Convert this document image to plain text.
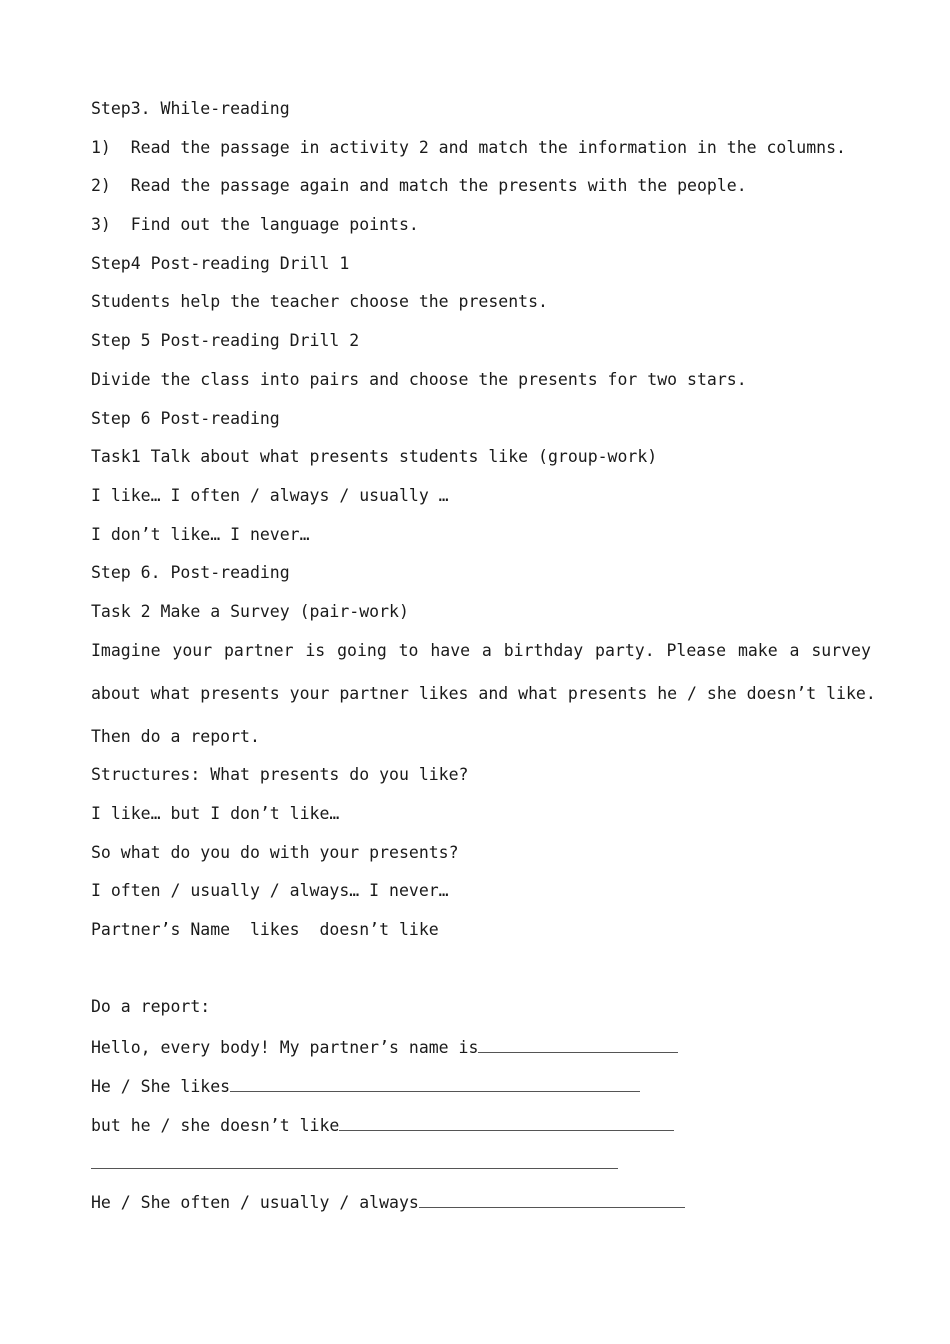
Step3. While-reading
1)  Read the passage in activity 2 and match the information in the columns.
2)  Read the passage again and match the presents with the people.
3)  Find out the language points.
Step4 Post-reading Drill 1
Students help the teacher choose the presents.
Step 5 Post-reading Drill 2
Divide the class into pairs and choose the presents for two stars.
Step 6 Post-reading
Task1 Talk about what presents students like (group-work)
I like… I often / always / usually …
I don’t like… I never…
Step 6. Post-reading
Task 2 Make a Survey (pair-work)
Imagine your partner is going to have a birthday party. Please make a survey
about what presents your partner likes and what presents he / she doesn’t like.
Then do a report.
Structures: What presents do you like?
I like… but I don’t like…
So what do you do with your presents?
I often / usually / always… I never…
Partner’s Name  likes  doesn’t like
Do a report:
Hello, every body! My partner’s name is
He / She likes
but he / she doesn’t like
He / She often / usually / always
